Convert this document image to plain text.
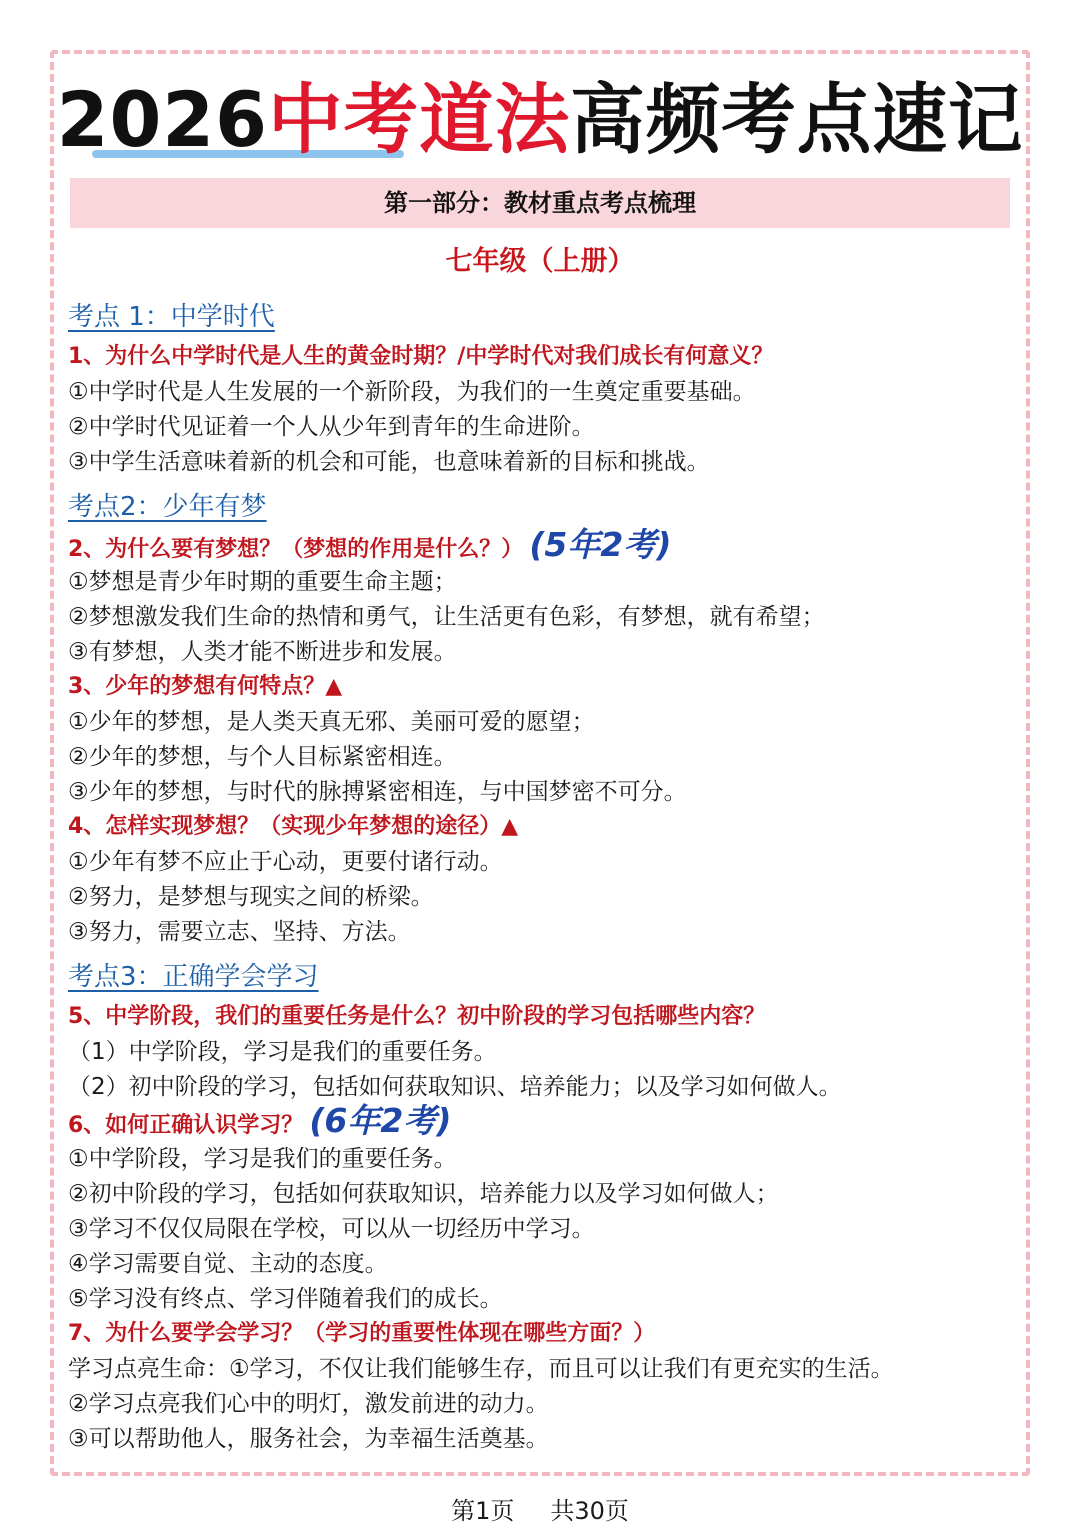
2026中考道法高频考点速记
第一部分：教材重点考点梳理
七年级（上册）
考点 1：中学时代
1、为什么中学时代是人生的黄金时期？/中学时代对我们成长有何意义？
①中学时代是人生发展的一个新阶段，为我们的一生奠定重要基础。
②中学时代见证着一个人从少年到青年的生命进阶。
③中学生活意味着新的机会和可能，也意味着新的目标和挑战。
考点2：少年有梦
2、为什么要有梦想？（梦想的作用是什么？） (5年2考)
①梦想是青少年时期的重要生命主题；
②梦想激发我们生命的热情和勇气，让生活更有色彩，有梦想，就有希望；
③有梦想，人类才能不断进步和发展。
3、少年的梦想有何特点？▲
①少年的梦想，是人类天真无邪、美丽可爱的愿望；
②少年的梦想，与个人目标紧密相连。
③少年的梦想，与时代的脉搏紧密相连，与中国梦密不可分。
4、怎样实现梦想？（实现少年梦想的途径）▲
①少年有梦不应止于心动，更要付诸行动。
②努力，是梦想与现实之间的桥梁。
③努力，需要立志、坚持、方法。
考点3：正确学会学习
5、中学阶段，我们的重要任务是什么？初中阶段的学习包括哪些内容？
（1）中学阶段，学习是我们的重要任务。
（2）初中阶段的学习，包括如何获取知识、培养能力；以及学习如何做人。
6、如何正确认识学习？ (6年2考)
①中学阶段，学习是我们的重要任务。
②初中阶段的学习，包括如何获取知识，培养能力以及学习如何做人；
③学习不仅仅局限在学校，可以从一切经历中学习。
④学习需要自觉、主动的态度。
⑤学习没有终点、学习伴随着我们的成长。
7、为什么要学会学习？（学习的重要性体现在哪些方面？）
学习点亮生命：①学习，不仅让我们能够生存，而且可以让我们有更充实的生活。
②学习点亮我们心中的明灯，激发前进的动力。
③可以帮助他人，服务社会，为幸福生活奠基。
第1页 共30页
